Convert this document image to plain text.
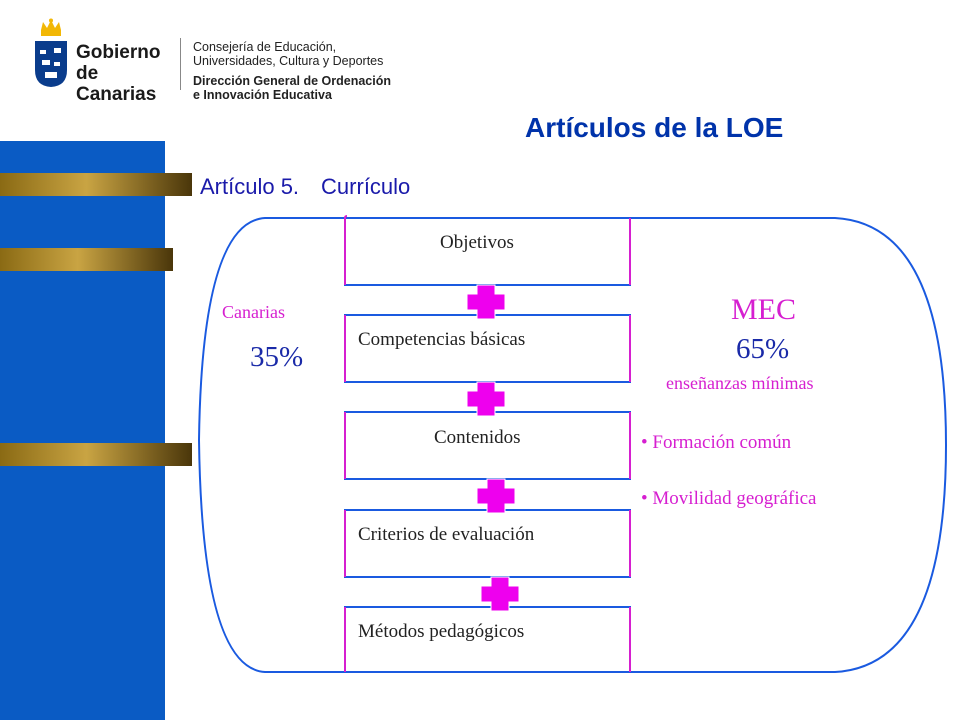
Gobierno
de Canarias
Consejería de Educación,
Universidades, Cultura y Deportes
Dirección General de Ordenación
e Innovación Educativa
Artículos de la LOE
Artículo 5. Currículo
Objetivos
Competencias básicas
Contenidos
Criterios de evaluación
Métodos pedagógicos
Canarias
35%
MEC
65%
enseñanzas mínimas
• Formación común
• Movilidad geográfica
